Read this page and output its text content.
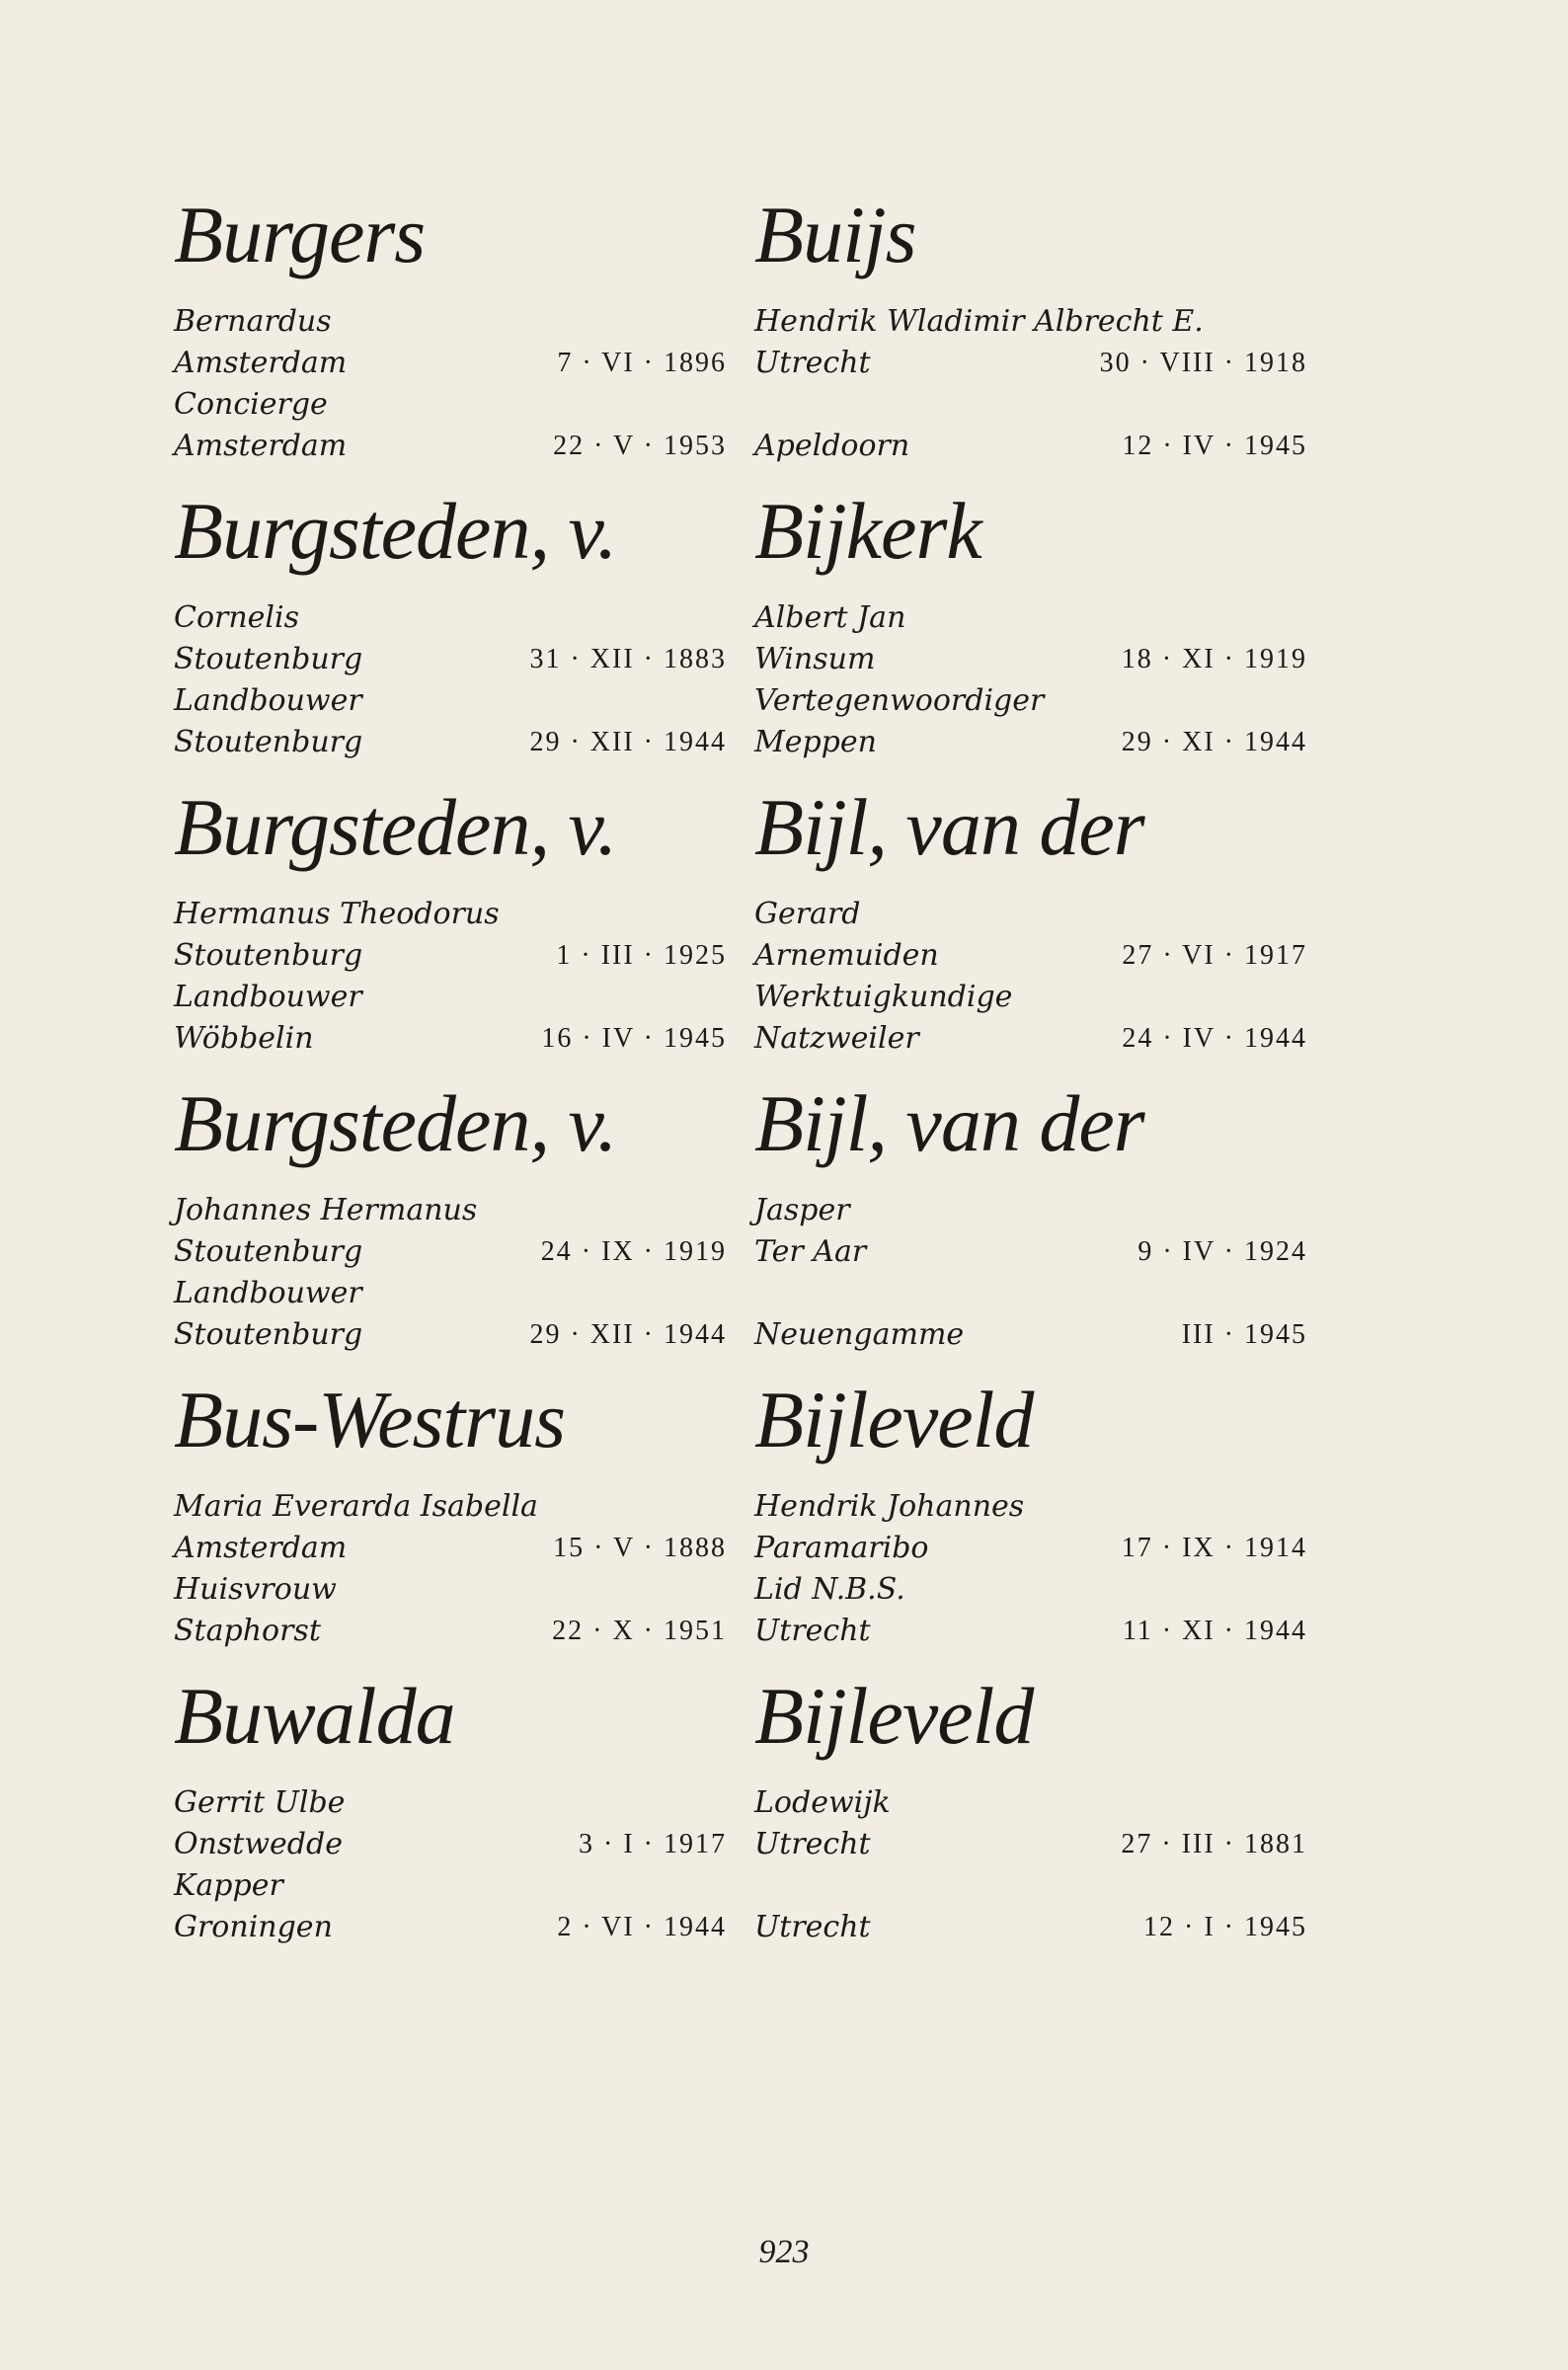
Burgers
Bernardus
Amsterdam	7 · VI · 1896
Concierge
Amsterdam	22 · V · 1953
Burgsteden, v.
Cornelis
Stoutenburg	31 · XII · 1883
Landbouwer
Stoutenburg	29 · XII · 1944
Burgsteden, v.
Hermanus Theodorus
Stoutenburg	1 · III · 1925
Landbouwer
Wöbbelin	16 · IV · 1945
Burgsteden, v.
Johannes Hermanus
Stoutenburg	24 · IX · 1919
Landbouwer
Stoutenburg	29 · XII · 1944
Bus-Westrus
Maria Everarda Isabella
Amsterdam	15 · V · 1888
Huisvrouw
Staphorst	22 · X · 1951
Buwalda
Gerrit Ulbe
Onstwedde	3 · I · 1917
Kapper
Groningen	2 · VI · 1944
Buijs
Hendrik Wladimir Albrecht E.
Utrecht	30 · VIII · 1918
Apeldoorn	12 · IV · 1945
Bijkerk
Albert Jan
Winsum	18 · XI · 1919
Vertegenwoordiger
Meppen	29 · XI · 1944
Bijl, van der
Gerard
Arnemuiden	27 · VI · 1917
Werktuigkundige
Natzweiler	24 · IV · 1944
Bijl, van der
Jasper
Ter Aar	9 · IV · 1924
Neuengamme	III · 1945
Bijleveld
Hendrik Johannes
Paramaribo	17 · IX · 1914
Lid N.B.S.
Utrecht	11 · XI · 1944
Bijleveld
Lodewijk
Utrecht	27 · III · 1881
Utrecht	12 · I · 1945
923
